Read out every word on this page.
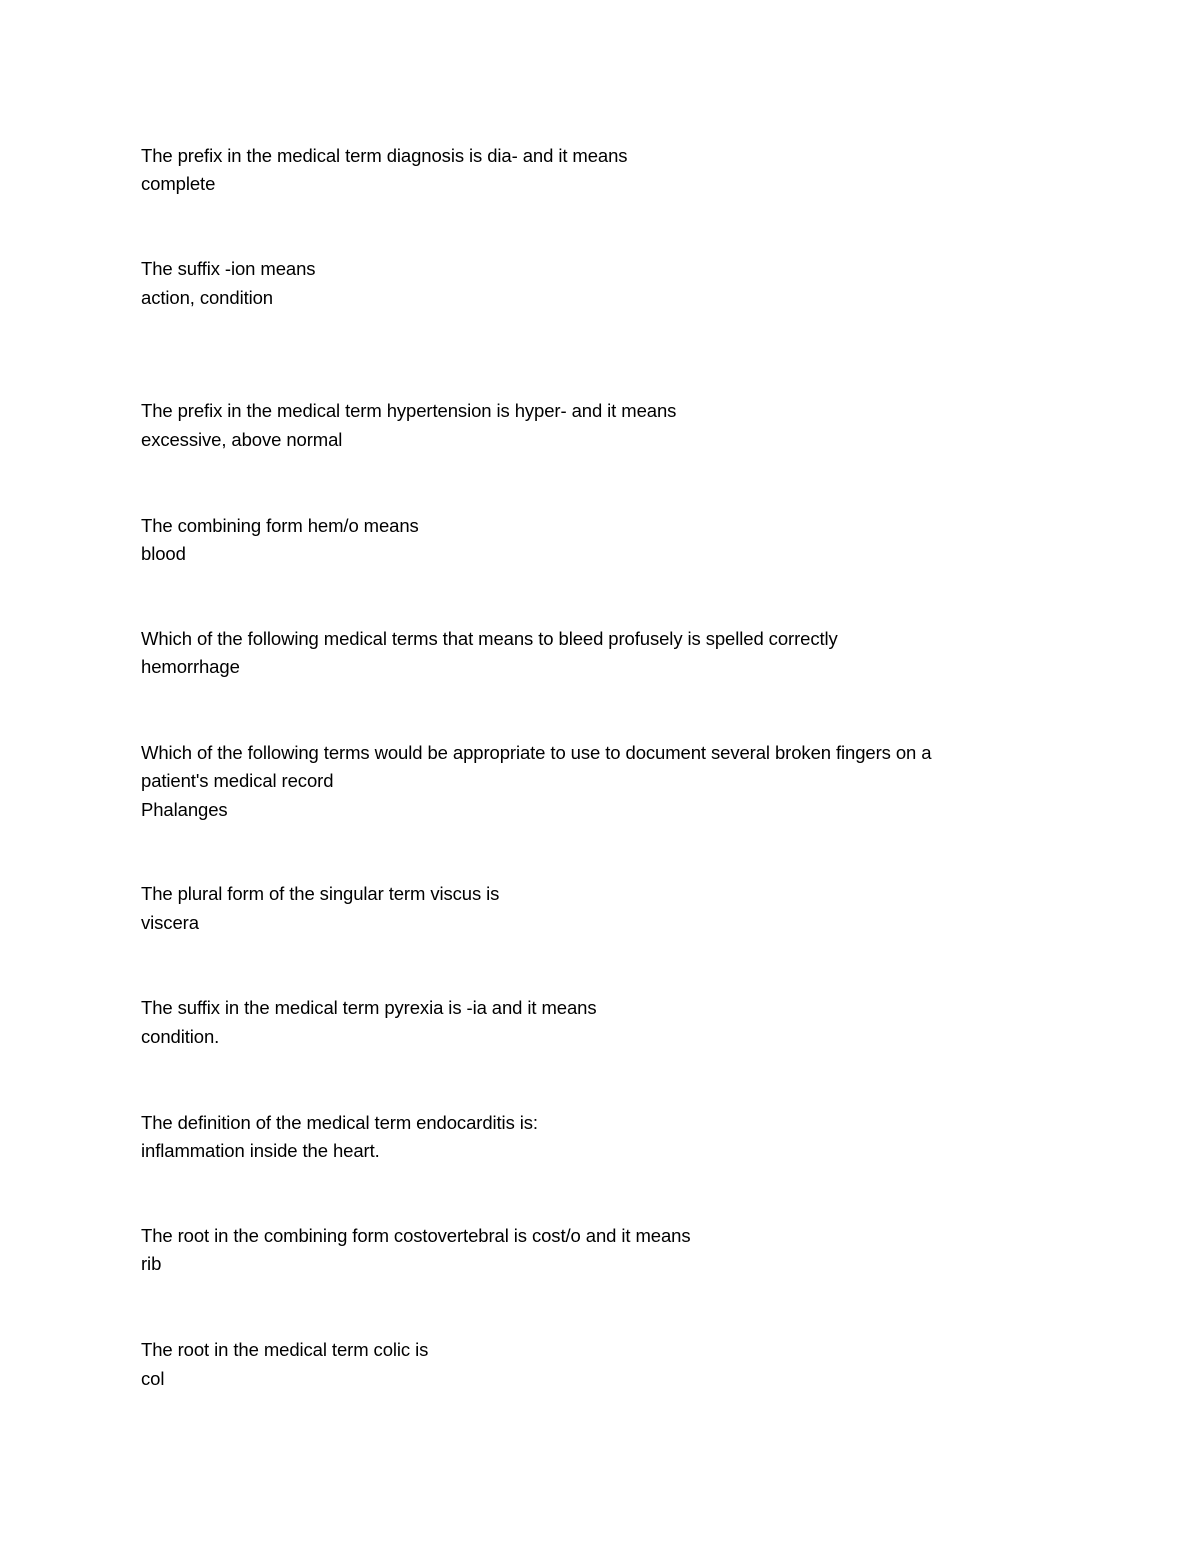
The prefix in the medical term diagnosis is dia- and it means
complete
The suffix -ion means
action, condition
The prefix in the medical term hypertension is hyper- and it means
excessive, above normal
The combining form hem/o means
blood
Which of the following medical terms that means to bleed profusely is spelled correctly
hemorrhage
Which of the following terms would be appropriate to use to document several broken fingers on a
patient's medical record
Phalanges
The plural form of the singular term viscus is
viscera
The suffix in the medical term pyrexia is -ia and it means
condition.
The definition of the medical term endocarditis is:
inflammation inside the heart.
The root in the combining form costovertebral is cost/o and it means
rib
The root in the medical term colic is
col
